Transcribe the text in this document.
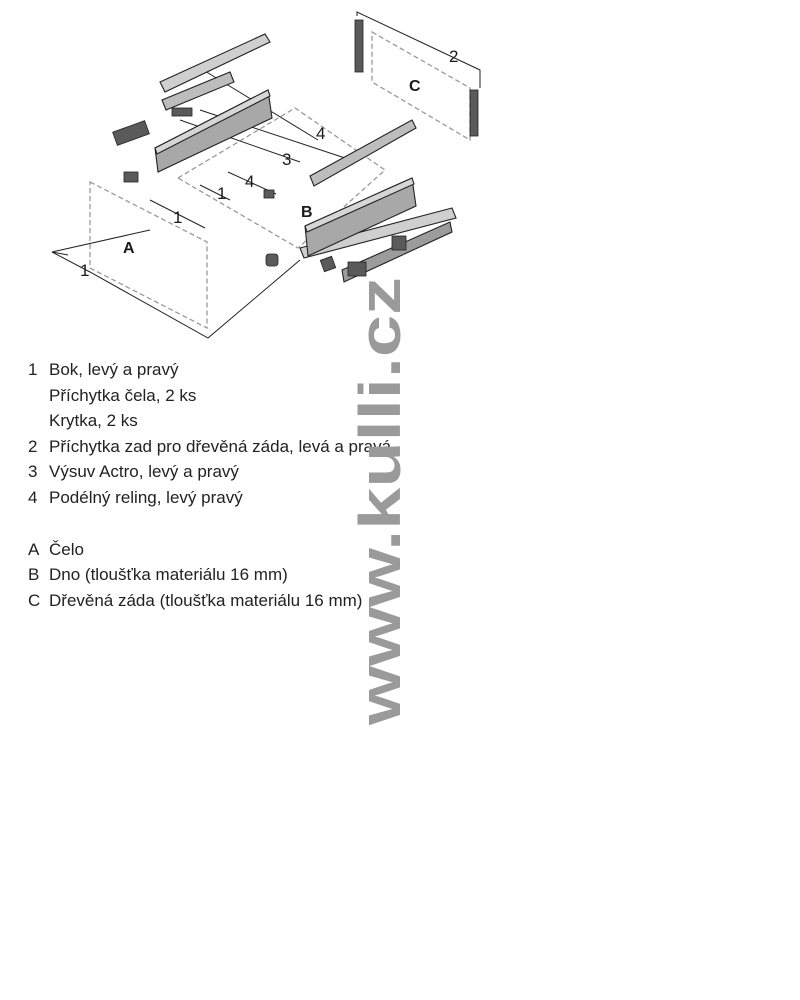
A
B
C
1
1
1
2
3
4
4
1 Bok, levý a pravý
Příchytka čela, 2 ks
Krytka, 2 ks
2 Příchytka zad pro dřevěná záda, levá a pravá
3 Výsuv Actro, levý a pravý
4 Podélný reling, levý pravý
A Čelo
B Dno (tloušťka materiálu 16 mm)
C Dřevěná záda (tloušťka materiálu 16 mm)
www.kulli.cz
